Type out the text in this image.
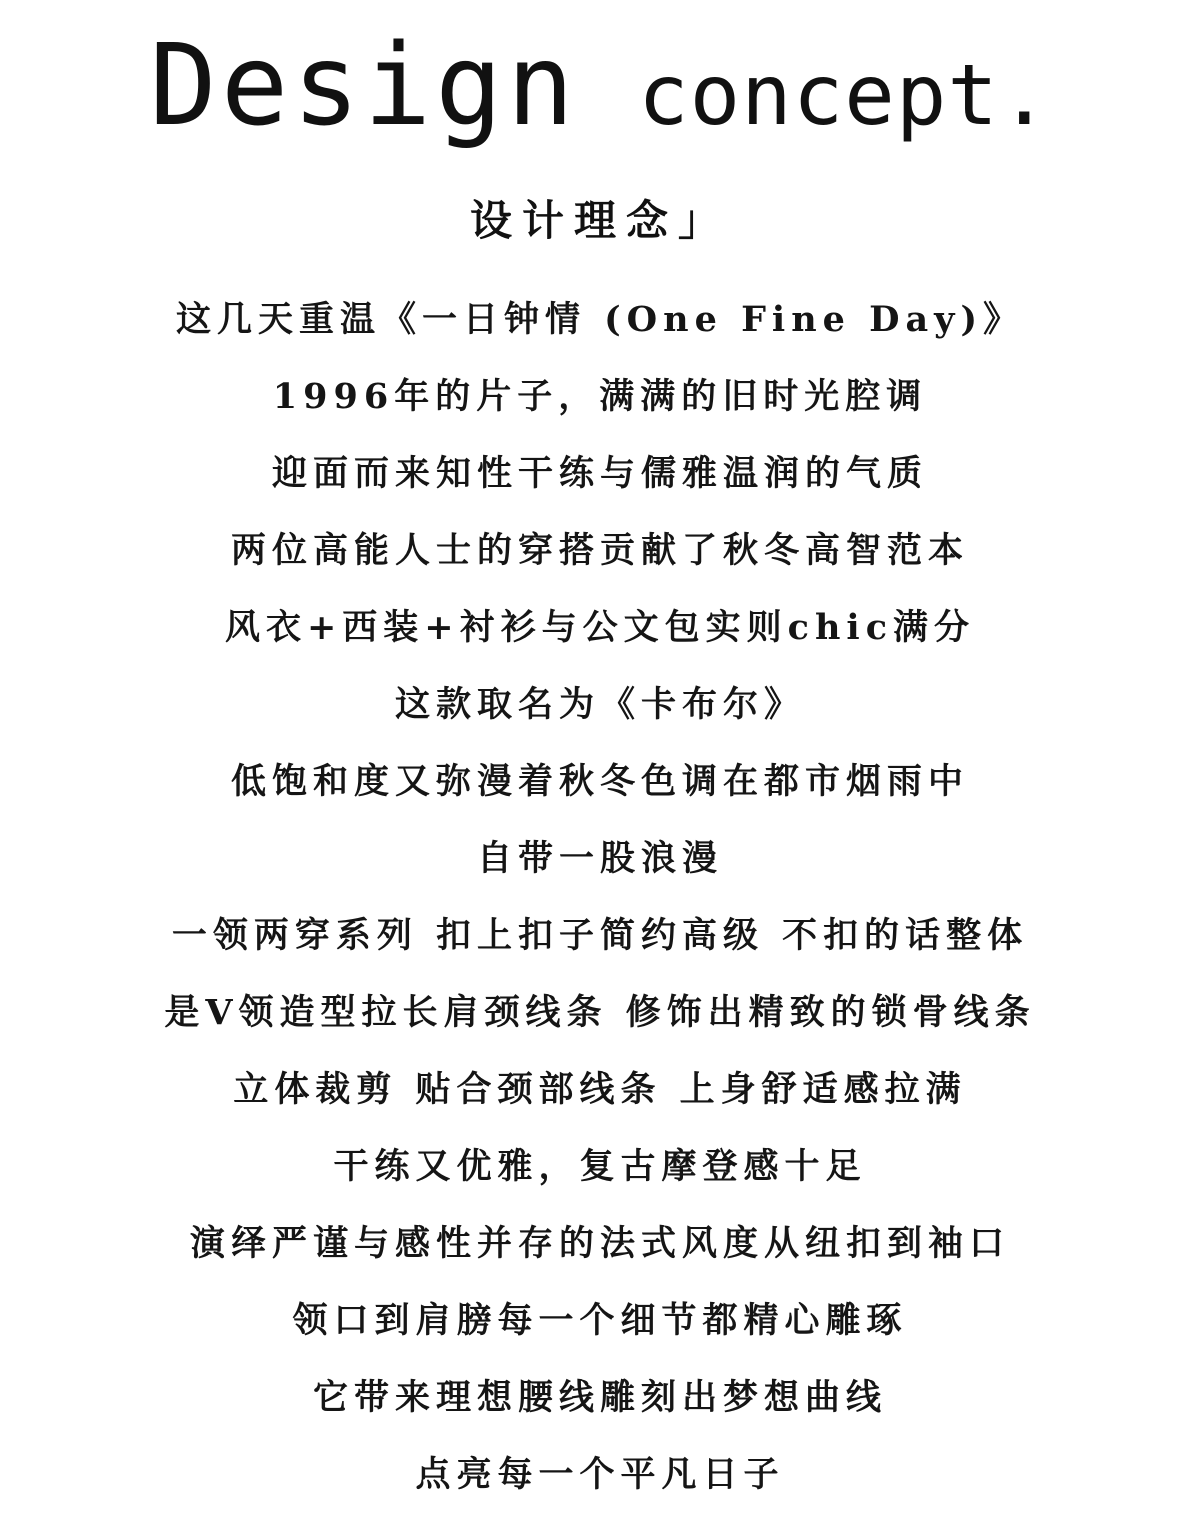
Design concept.
设计理念」
这几天重温《一日钟情 (One Fine Day)》
1996年的片子，满满的旧时光腔调
迎面而来知性干练与儒雅温润的气质
两位高能人士的穿搭贡献了秋冬高智范本
风衣+西装+衬衫与公文包实则chic满分
这款取名为《卡布尔》
低饱和度又弥漫着秋冬色调在都市烟雨中
自带一股浪漫
一领两穿系列 扣上扣子简约高级 不扣的话整体
是V领造型拉长肩颈线条 修饰出精致的锁骨线条
立体裁剪 贴合颈部线条 上身舒适感拉满
干练又优雅，复古摩登感十足
演绎严谨与感性并存的法式风度从纽扣到袖口
领口到肩膀每一个细节都精心雕琢
它带来理想腰线雕刻出梦想曲线
点亮每一个平凡日子
